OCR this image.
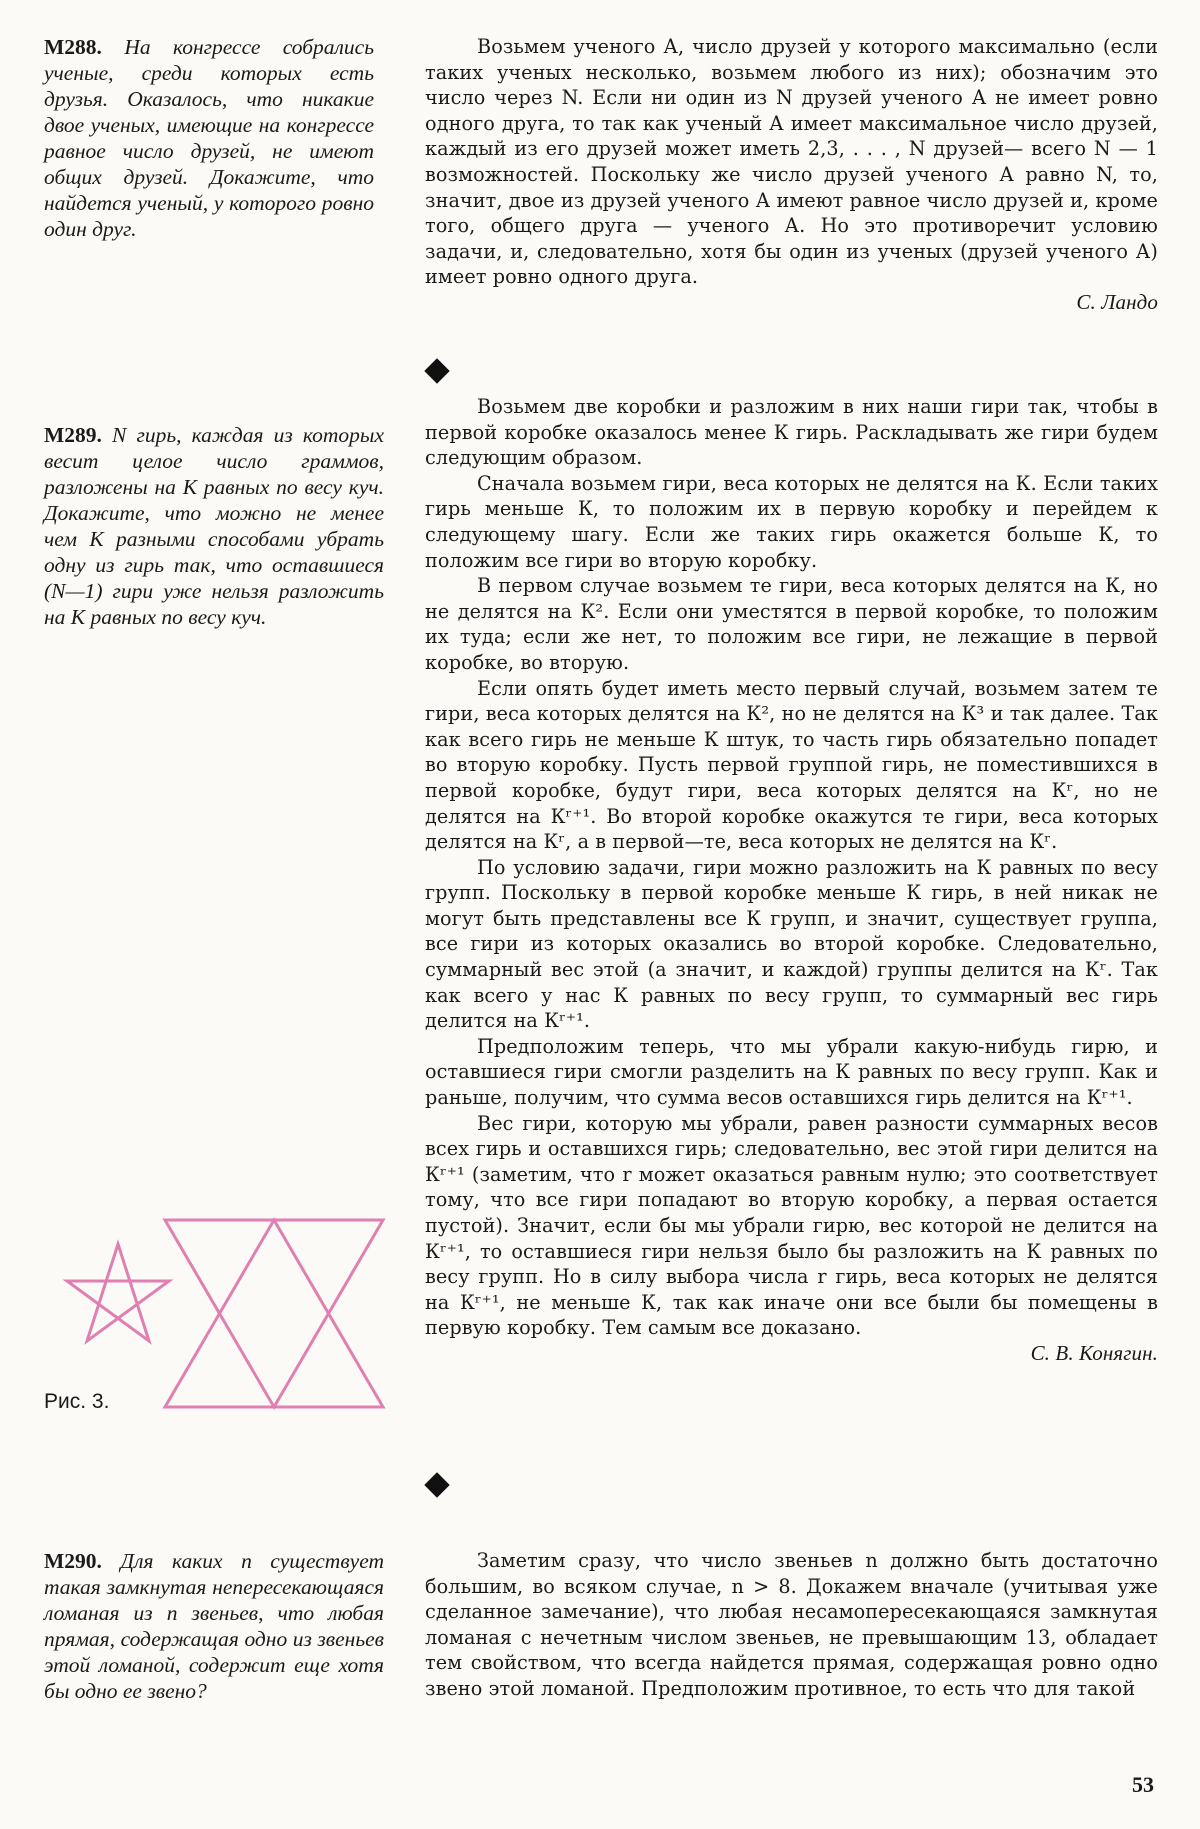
М288. На конгрессе собрались ученые, среди которых есть друзья. Оказалось, что никакие двое ученых, имеющие на конгрессе равное число друзей, не имеют общих друзей. Докажите, что найдется ученый, у которого ровно один друг.

М289. N гирь, каждая из которых весит целое число граммов, разложены на К равных по весу куч. Докажите, что можно не менее чем К разными способами убрать одну из гирь так, что оставшиеся (N—1) гири уже нельзя разложить на К равных по весу куч.

М290. Для каких n существует такая замкнутая непересекающаяся ломаная из n звеньев, что любая прямая, содержащая одно из звеньев этой ломаной, содержит еще хотя бы одно ее звено?

Рис. 3.

Возьмем ученого А, число друзей у которого максимально (если таких ученых несколько, возьмем любого из них); обозначим это число через N. Если ни один из N друзей ученого А не имеет ровно одного друга, то так как ученый А имеет максимальное число друзей, каждый из его друзей может иметь 2,3, . . . , N друзей— всего N — 1 возможностей. Поскольку же число друзей ученого А равно N, то, значит, двое из друзей ученого А имеют равное число друзей и, кроме того, общего друга — ученого А. Но это противоречит условию задачи, и, следовательно, хотя бы один из ученых (друзей ученого А) имеет ровно одного друга.

С. Ландо

Возьмем две коробки и разложим в них наши гири так, чтобы в первой коробке оказалось менее К гирь. Раскладывать же гири будем следующим образом.

Сначала возьмем гири, веса которых не делятся на К. Если таких гирь меньше К, то положим их в первую коробку и перейдем к следующему шагу. Если же таких гирь окажется больше К, то положим все гири во вторую коробку.

В первом случае возьмем те гири, веса которых делятся на К, но не делятся на К². Если они уместятся в первой коробке, то положим их туда; если же нет, то положим все гири, не лежащие в первой коробке, во вторую.

Если опять будет иметь место первый случай, возьмем затем те гири, веса которых делятся на К², но не делятся на К³ и так далее. Так как всего гирь не меньше К штук, то часть гирь обязательно попадет во вторую коробку. Пусть первой группой гирь, не поместившихся в первой коробке, будут гири, веса которых делятся на Кʳ, но не делятся на Кʳ⁺¹. Во второй коробке окажутся те гири, веса которых делятся на Кʳ, а в первой—те, веса которых не делятся на Кʳ.

По условию задачи, гири можно разложить на К равных по весу групп. Поскольку в первой коробке меньше К гирь, в ней никак не могут быть представлены все К групп, и значит, существует группа, все гири из которых оказались во второй коробке. Следовательно, суммарный вес этой (а значит, и каждой) группы делится на Кʳ. Так как всего у нас К равных по весу групп, то суммарный вес гирь делится на Кʳ⁺¹.

Предположим теперь, что мы убрали какую-нибудь гирю, и оставшиеся гири смогли разделить на К равных по весу групп. Как и раньше, получим, что сумма весов оставшихся гирь делится на Кʳ⁺¹.

Вес гири, которую мы убрали, равен разности суммарных весов всех гирь и оставшихся гирь; следовательно, вес этой гири делится на Кʳ⁺¹ (заметим, что r может оказаться равным нулю; это соответствует тому, что все гири попадают во вторую коробку, а первая остается пустой). Значит, если бы мы убрали гирю, вес которой не делится на Кʳ⁺¹, то оставшиеся гири нельзя было бы разложить на К равных по весу групп. Но в силу выбора числа r гирь, веса которых не делятся на Кʳ⁺¹, не меньше К, так как иначе они все были бы помещены в первую коробку. Тем самым все доказано.

С. В. Конягин.

Заметим сразу, что число звеньев n должно быть достаточно большим, во всяком случае, n > 8. Докажем вначале (учитывая уже сделанное замечание), что любая несамопересекающаяся замкнутая ломаная с нечетным числом звеньев, не превышающим 13, обладает тем свойством, что всегда найдется прямая, содержащая ровно одно звено этой ломаной. Предположим противное, то есть что для такой

53
